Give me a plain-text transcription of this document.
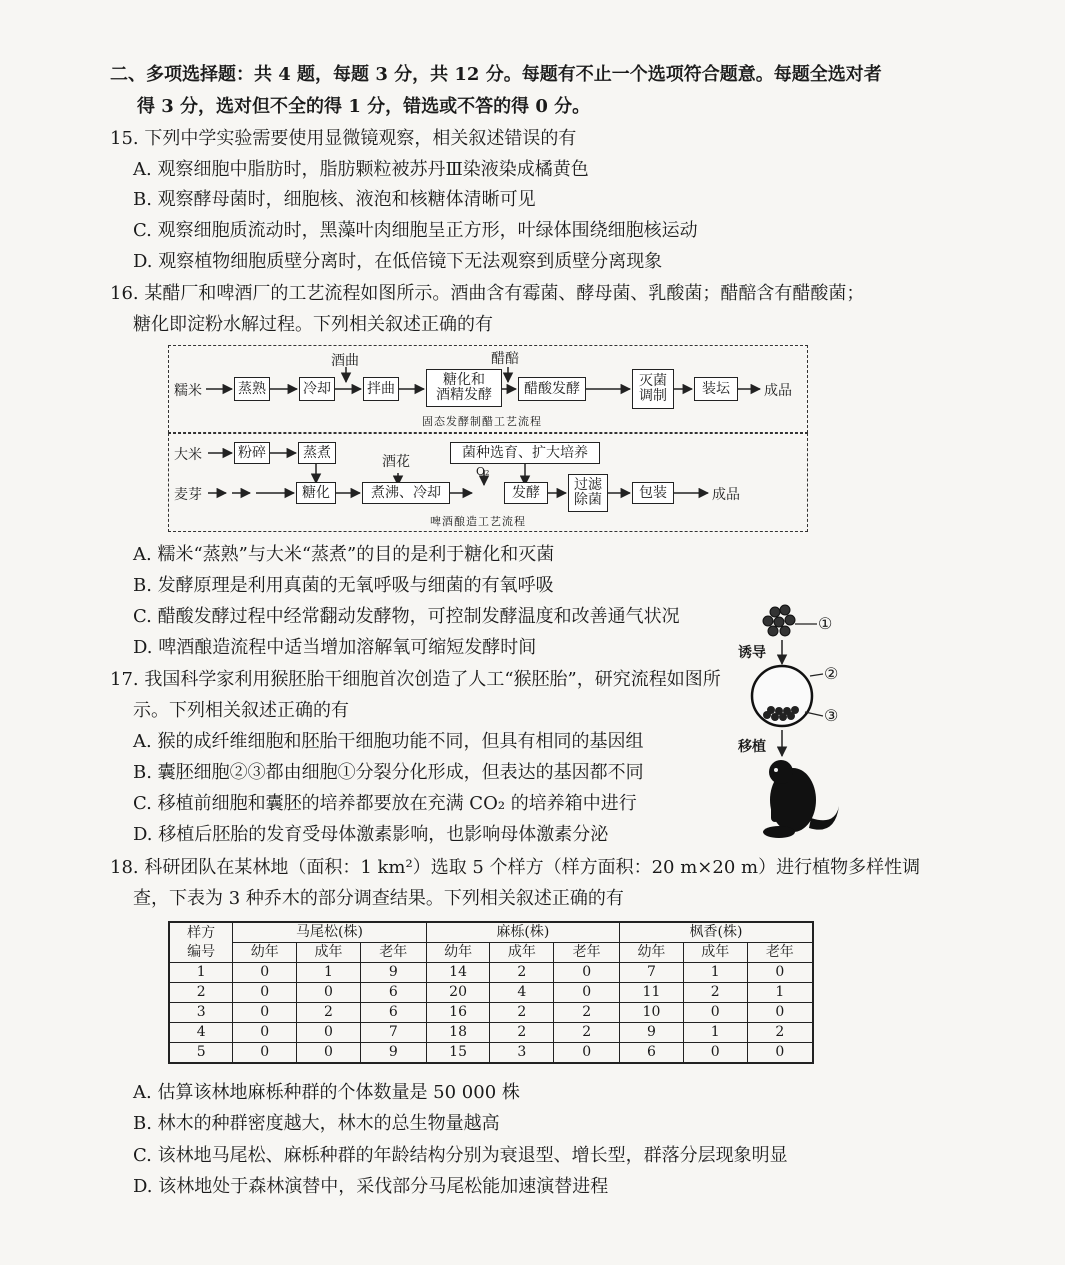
二、多项选择题：共 4 题，每题 3 分，共 12 分。每题有不止一个选项符合题意。每题全选对者
得 3 分，选对但不全的得 1 分，错选或不答的得 0 分。
15. 下列中学实验需要使用显微镜观察，相关叙述错误的有
A. 观察细胞中脂肪时，脂肪颗粒被苏丹Ⅲ染液染成橘黄色
B. 观察酵母菌时，细胞核、液泡和核糖体清晰可见
C. 观察细胞质流动时，黑藻叶肉细胞呈正方形，叶绿体围绕细胞核运动
D. 观察植物细胞质壁分离时，在低倍镜下无法观察到质壁分离现象
16. 某醋厂和啤酒厂的工艺流程如图所示。酒曲含有霉菌、酵母菌、乳酸菌；醋醅含有醋酸菌；
糖化即淀粉水解过程。下列相关叙述正确的有
糯米	蒸熟	冷却	拌曲
糖化和
酒精发酵	醋酸发酵	灭菌
调制	装坛	成品
酒曲	醋醅
固态发酵制醋工艺流程
大米	粉碎	蒸煮	菌种选育、扩大培养
麦芽	糖化	煮沸、冷却
酒花
O₂
发酵	过滤
除菌	包装	成品
啤酒酿造工艺流程
A. 糯米“蒸熟”与大米“蒸煮”的目的是利于糖化和灭菌
B. 发酵原理是利用真菌的无氧呼吸与细菌的有氧呼吸
C. 醋酸发酵过程中经常翻动发酵物，可控制发酵温度和改善通气状况
D. 啤酒酿造流程中适当增加溶解氧可缩短发酵时间
17. 我国科学家利用猴胚胎干细胞首次创造了人工“猴胚胎”，研究流程如图所
示。下列相关叙述正确的有
A. 猴的成纤维细胞和胚胎干细胞功能不同，但具有相同的基因组
B. 囊胚细胞②③都由细胞①分裂分化形成，但表达的基因都不同
C. 移植前细胞和囊胚的培养都要放在充满 CO₂ 的培养箱中进行
D. 移植后胚胎的发育受母体激素影响，也影响母体激素分泌
①
②
③
诱导
移植
18. 科研团队在某林地（面积：1 km²）选取 5 个样方（样方面积：20 m×20 m）进行植物多样性调
查，下表为 3 种乔木的部分调查结果。下列相关叙述正确的有
样方
编号	马尾松(株)			麻栎(株)			枫香(株)		
	幼年	成年	老年	幼年	成年	老年	幼年	成年	老年
1	0	1	9	14	2	0	7	1	0
2	0	0	6	20	4	0	11	2	1
3	0	2	6	16	2	2	10	0	0
4	0	0	7	18	2	2	9	1	2
5	0	0	9	15	3	0	6	0	0
A. 估算该林地麻栎种群的个体数量是 50 000 株
B. 林木的种群密度越大，林木的总生物量越高
C. 该林地马尾松、麻栎种群的年龄结构分别为衰退型、增长型，群落分层现象明显
D. 该林地处于森林演替中，采伐部分马尾松能加速演替进程
